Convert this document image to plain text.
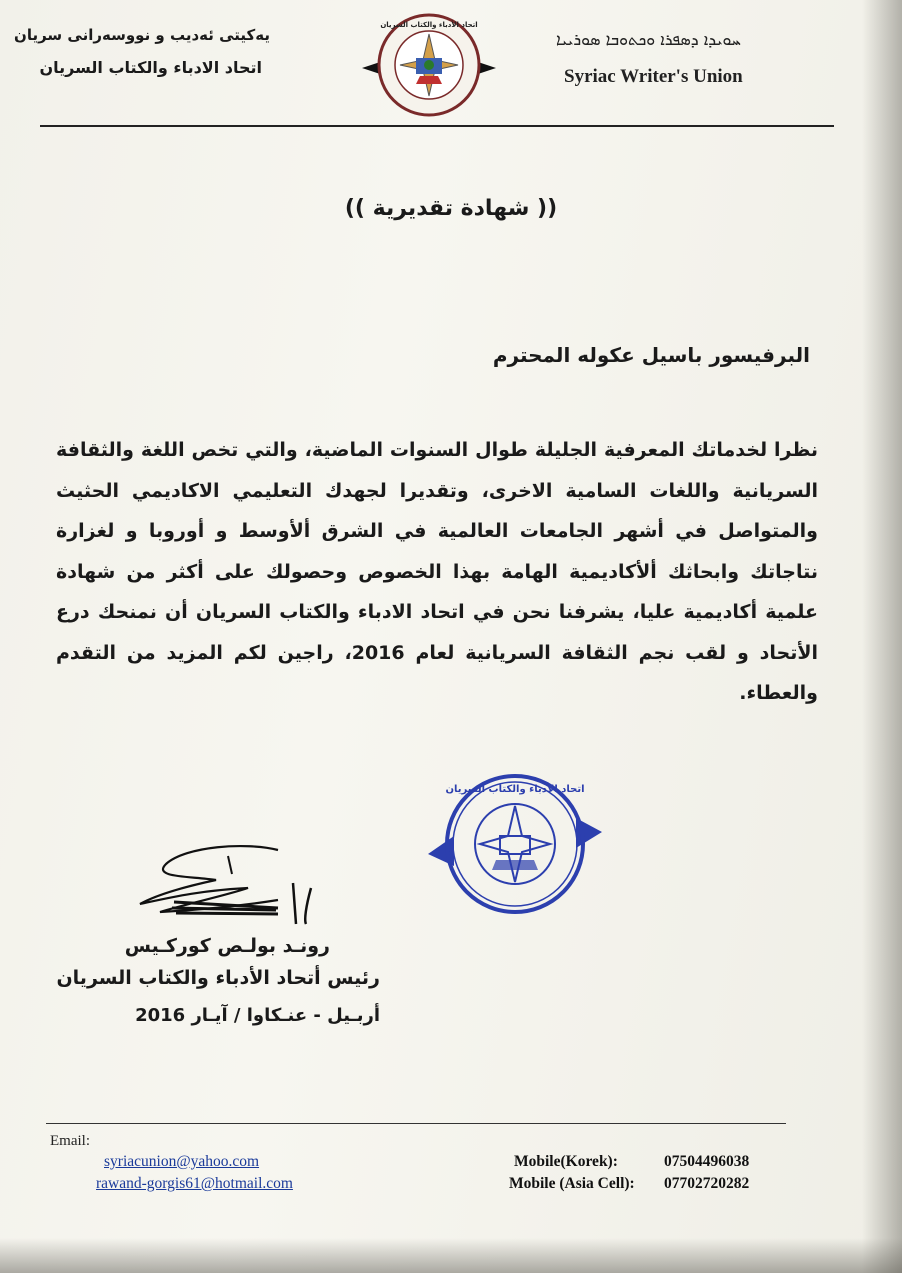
یەکیتی ئەدیب و نووسەرانی سریان
اتحاد الادباء والكتاب السريان
اتحاد الأدباء والكتاب السريان
ܚܘܝܕܐ ܕܣܦܪܐ ܘܟܬܘܒܐ ܣܘܪܝܝܐ
Syriac Writer's Union
(( شهادة تقديرية ))
البرفيسور باسيل عكوله المحترم
نظرا لخدماتك المعرفية الجليلة طوال السنوات الماضية، والتي تخص اللغة والثقافة السريانية واللغات السامية الاخرى، وتقديرا لجهدك التعليمي الاكاديمي الحثيث والمتواصل في أشهر الجامعات العالمية في الشرق ألأوسط و أوروبا و لغزارة نتاجاتك وابحاثك ألأكاديمية الهامة بهذا الخصوص وحصولك على أكثر من شهادة علمية أكاديمية عليا، يشرفنا نحن في اتحاد الادباء والكتاب السريان أن نمنحك درع الأتحاد و لقب نجم الثقافة السريانية لعام 2016، راجين لكم المزيد من التقدم والعطاء.
اتحاد الأدباء والكتاب السريان
رونـد بولـص كوركـيس
رئيس أتحاد الأدباء والكتاب السريان
أربـيل - عنـكاوا / آيـار 2016
Email:
syriacunion@yahoo.com
rawand-gorgis61@hotmail.com
Mobile(Korek):	07504496038
Mobile (Asia Cell): 07702720282
